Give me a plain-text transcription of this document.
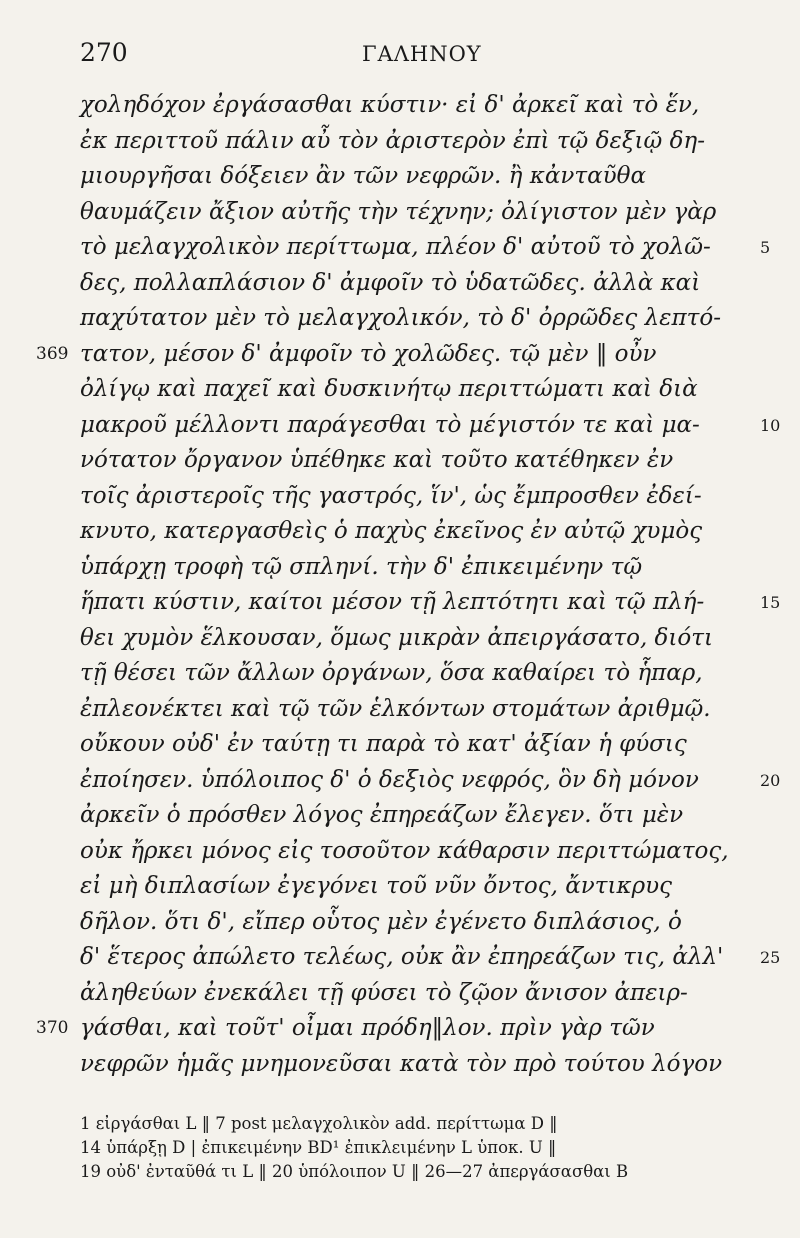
270	ΓΑΛΗΝΟΥ
χοληδόχον ἐργάσασθαι κύστιν· εἰ δ' ἀρκεῖ καὶ τὸ ἕν,
ἐκ περιττοῦ πάλιν αὖ τὸν ἀριστερὸν ἐπὶ τῷ δεξιῷ δη-
μιουργῆσαι δόξειεν ἂν τῶν νεφρῶν. ἢ κἀνταῦθα
θαυμάζειν ἄξιον αὐτῆς τὴν τέχνην; ὀλίγιστον μὲν γὰρ
τὸ μελαγχολικὸν περίττωμα, πλέον δ' αὐτοῦ τὸ χολῶ-	5
δες, πολλαπλάσιον δ' ἀμφοῖν τὸ ὑδατῶδες. ἀλλὰ καὶ
παχύτατον μὲν τὸ μελαγχολικόν, τὸ δ' ὀρρῶδες λεπτό-
369 τατον, μέσον δ' ἀμφοῖν τὸ χολῶδες. τῷ μὲν ‖ οὖν
ὀλίγῳ καὶ παχεῖ καὶ δυσκινήτῳ περιττώματι καὶ διὰ
μακροῦ μέλλοντι παράγεσθαι τὸ μέγιστόν τε καὶ μα-	10
νότατον ὄργανον ὑπέθηκε καὶ τοῦτο κατέθηκεν ἐν
τοῖς ἀριστεροῖς τῆς γαστρός, ἵν', ὡς ἔμπροσθεν ἐδεί-
κνυτο, κατεργασθεὶς ὁ παχὺς ἐκεῖνος ἐν αὐτῷ χυμὸς
ὑπάρχῃ τροφὴ τῷ σπληνί. τὴν δ' ἐπικειμένην τῷ
ἥπατι κύστιν, καίτοι μέσον τῇ λεπτότητι καὶ τῷ πλή-	15
θει χυμὸν ἕλκουσαν, ὅμως μικρὰν ἀπειργάσατο, διότι
τῇ θέσει τῶν ἄλλων ὀργάνων, ὅσα καθαίρει τὸ ἧπαρ,
ἐπλεονέκτει καὶ τῷ τῶν ἑλκόντων στομάτων ἀριθμῷ.
οὔκουν οὐδ' ἐν ταύτῃ τι παρὰ τὸ κατ' ἀξίαν ἡ φύσις
ἐποίησεν. ὑπόλοιπος δ' ὁ δεξιὸς νεφρός, ὃν δὴ μόνον	20
ἀρκεῖν ὁ πρόσθεν λόγος ἐπηρεάζων ἔλεγεν. ὅτι μὲν
οὐκ ἤρκει μόνος εἰς τοσοῦτον κάθαρσιν περιττώματος,
εἰ μὴ διπλασίων ἐγεγόνει τοῦ νῦν ὄντος, ἄντικρυς
δῆλον. ὅτι δ', εἴπερ οὗτος μὲν ἐγένετο διπλάσιος, ὁ
δ' ἕτερος ἀπώλετο τελέως, οὐκ ἂν ἐπηρεάζων τις, ἀλλ'	25
ἀληθεύων ἐνεκάλει τῇ φύσει τὸ ζῷον ἄνισον ἀπειρ-
370 γάσθαι, καὶ τοῦτ' οἶμαι πρόδη‖λον. πρὶν γὰρ τῶν
νεφρῶν ἡμᾶς μνημονεῦσαι κατὰ τὸν πρὸ τούτου λόγον
1 εἰργάσθαι L ‖ 7 post μελαγχολικὸν add. περίττωμα D ‖
14 ὑπάρξῃ D | ἐπικειμένην BD¹ ἐπικλειμένην L ὑποκ. U ‖
19 οὐδ' ἐνταῦθά τι L ‖ 20 ὑπόλοιπον U ‖ 26—27 ἀπεργάσασθαι B
